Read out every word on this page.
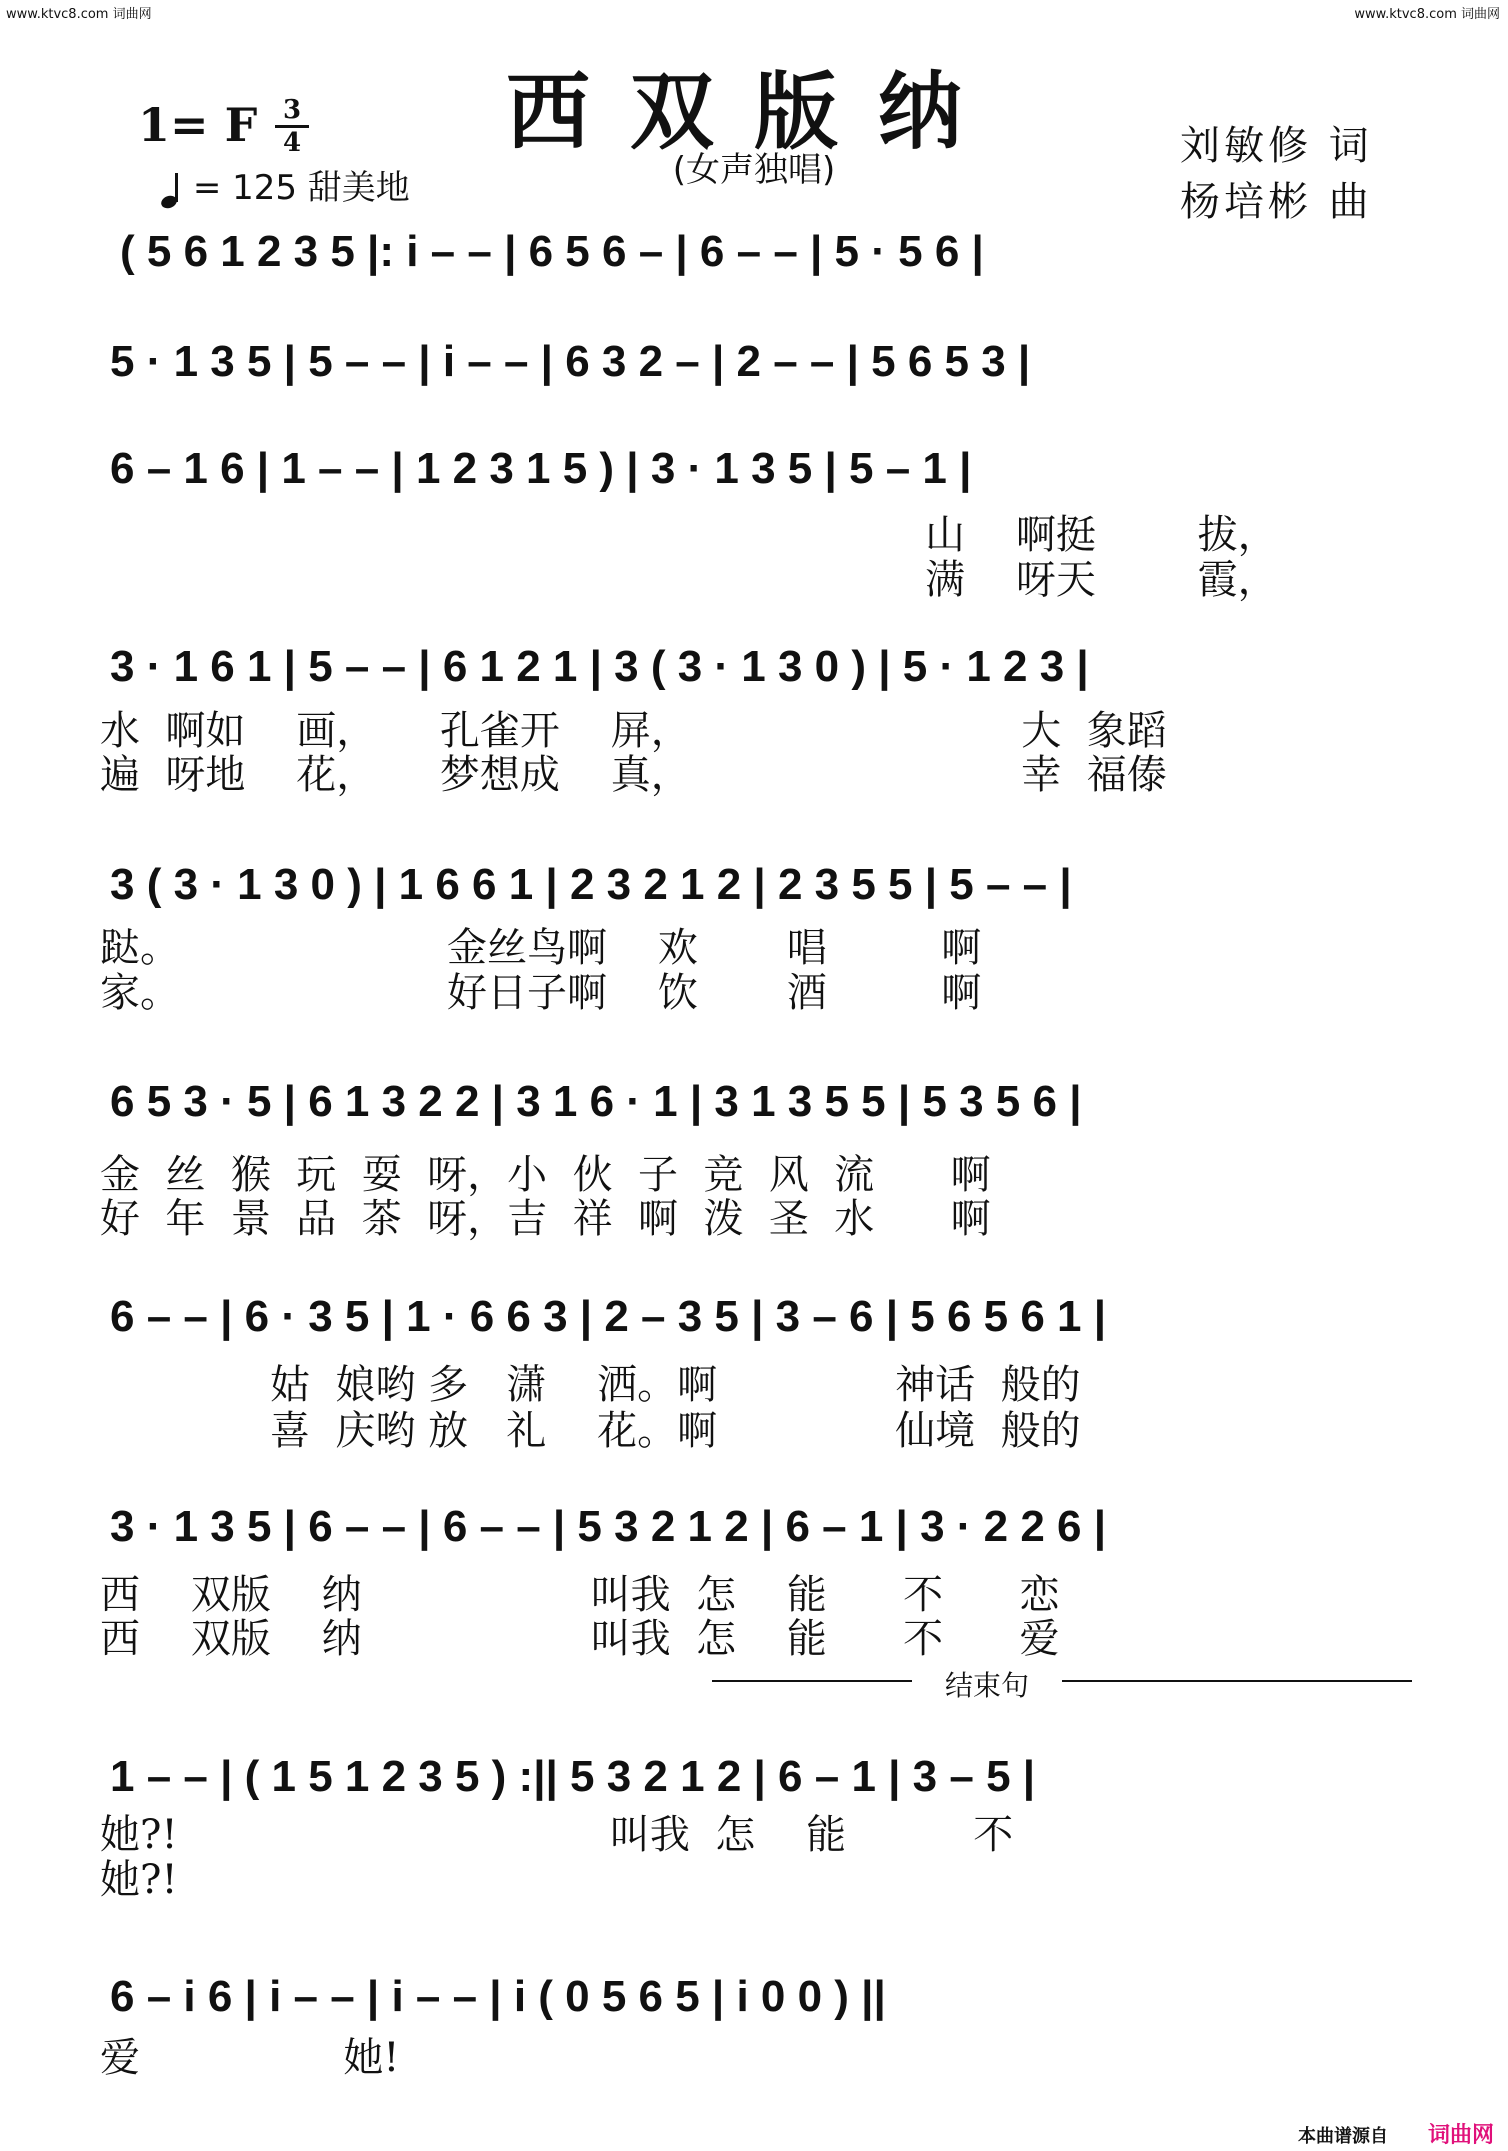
www.ktvc8.com 词曲网	www.ktvc8.com 词曲网
西双版纳
(女声独唱)
1= F 3
4
= 125 甜美地
刘敏修 词
杨培彬 曲
( 5 6 1 2 3 5 |: i – – | 6 5 6 – | 6 – – | 5 · 5 6 |
5 · 1 3 5 | 5 – – | i – – | 6 3 2 – | 2 – – | 5 6 5 3 |
6 – 1 6 | 1 – – | 1 2 3 1 5 ) | 3 · 1 3 5 | 5 – 1 |
山    啊挺        拔，
满    呀天        霞，
3 · 1 6 1 | 5 – – | 6 1 2 1 | 3 ( 3 · 1 3 0 ) | 5 · 1 2 3 |
水  啊如    画，     孔雀开    屏，                          大  象蹈
遍  呀地    花，     梦想成    真，                          幸  福傣
3 ( 3 · 1 3 0 ) | 1 6 6 1 | 2 3 2 1 2 | 2 3 5 5 | 5 – – |
跶。                     金丝鸟啊    欢       唱         啊
家。                     好日子啊    饮       酒         啊
6 5 3 · 5 | 6 1 3 2 2 | 3 1 6 · 1 | 3 1 3 5 5 | 5 3 5 6 |
金  丝  猴  玩  耍  呀，小  伙  子  竞  风  流      啊
好  年  景  品  茶  呀，吉  祥  啊  泼  圣  水      啊
6 – – | 6 · 3 5 | 1 · 6 6 3 | 2 – 3 5 | 3 – 6 | 5 6 5 6 1 |
姑  娘哟 多   潇    洒。啊              神话  般的
喜  庆哟 放   礼    花。啊              仙境  般的
3 · 1 3 5 | 6 – – | 6 – – | 5 3 2 1 2 | 6 – 1 | 3 · 2 2 6 |
西    双版    纳                  叫我  怎    能      不      恋
西    双版    纳                  叫我  怎    能      不      爱
结束句
1 – – | ( 1 5 1 2 3 5 ) :|| 5 3 2 1 2 | 6 – 1 | 3 – 5 |
她?!                                  叫我  怎    能          不
她?!
6 – i 6 | i – – | i – – | i ( 0 5 6 5 | i 0 0 ) ||
爱                她!
本曲谱源自 词曲网
